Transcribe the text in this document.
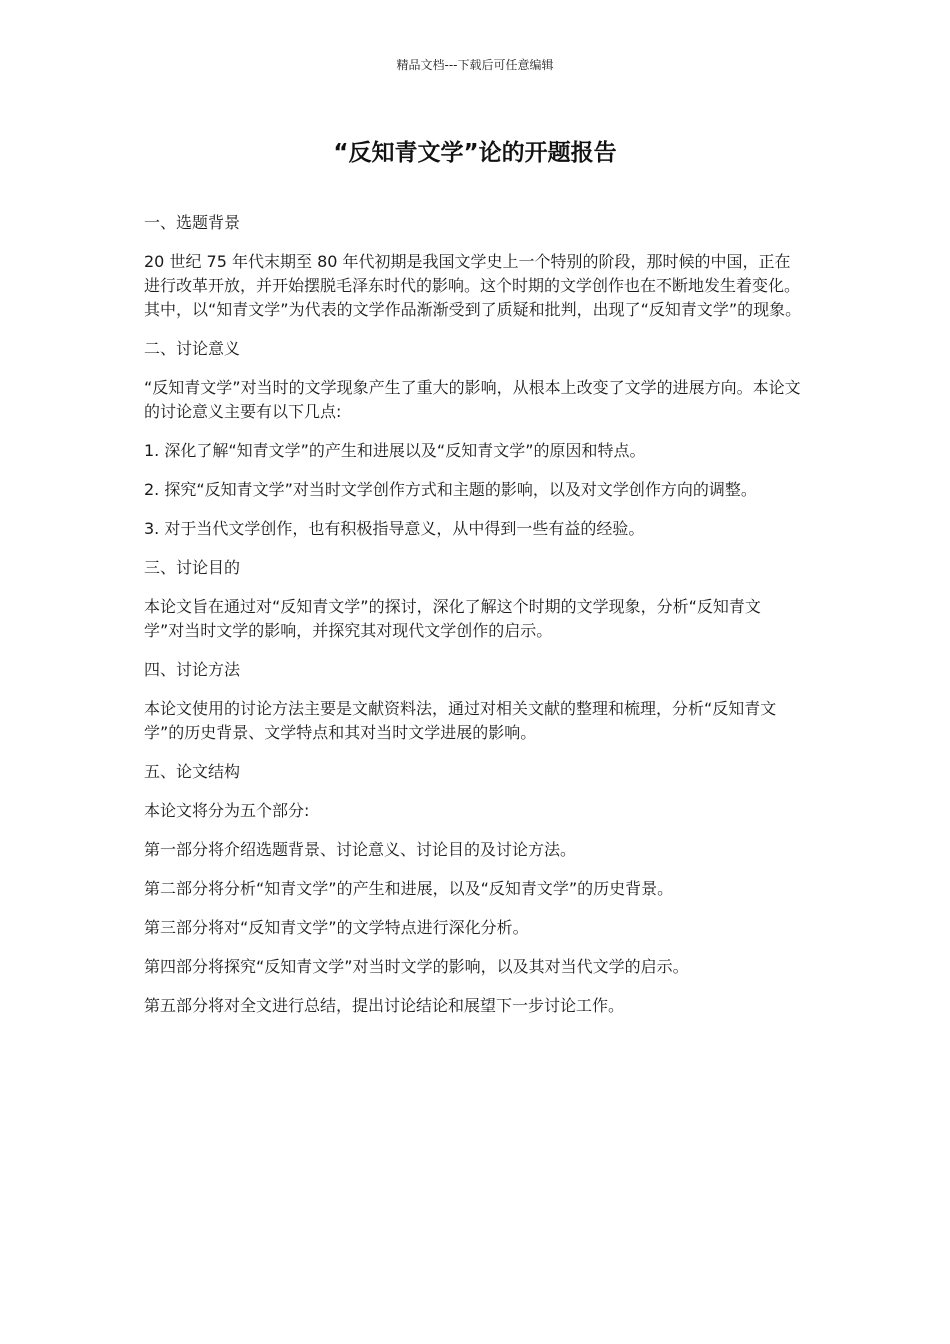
精品文档---下载后可任意编辑
“反知青文学”论的开题报告
一、选题背景
20 世纪 75 年代末期至 80 年代初期是我国文学史上一个特别的阶段，那时候的中国，正在进行改革开放，并开始摆脱毛泽东时代的影响。这个时期的文学创作也在不断地发生着变化。其中，以“知青文学”为代表的文学作品渐渐受到了质疑和批判，出现了“反知青文学”的现象。
二、讨论意义
“反知青文学”对当时的文学现象产生了重大的影响，从根本上改变了文学的进展方向。本论文的讨论意义主要有以下几点:
1. 深化了解“知青文学”的产生和进展以及“反知青文学”的原因和特点。
2. 探究“反知青文学”对当时文学创作方式和主题的影响，以及对文学创作方向的调整。
3. 对于当代文学创作，也有积极指导意义，从中得到一些有益的经验。
三、讨论目的
本论文旨在通过对“反知青文学”的探讨，深化了解这个时期的文学现象，分析“反知青文学”对当时文学的影响，并探究其对现代文学创作的启示。
四、讨论方法
本论文使用的讨论方法主要是文献资料法，通过对相关文献的整理和梳理，分析“反知青文学”的历史背景、文学特点和其对当时文学进展的影响。
五、论文结构
本论文将分为五个部分:
第一部分将介绍选题背景、讨论意义、讨论目的及讨论方法。
第二部分将分析“知青文学”的产生和进展，以及“反知青文学”的历史背景。
第三部分将对“反知青文学”的文学特点进行深化分析。
第四部分将探究“反知青文学”对当时文学的影响，以及其对当代文学的启示。
第五部分将对全文进行总结，提出讨论结论和展望下一步讨论工作。
